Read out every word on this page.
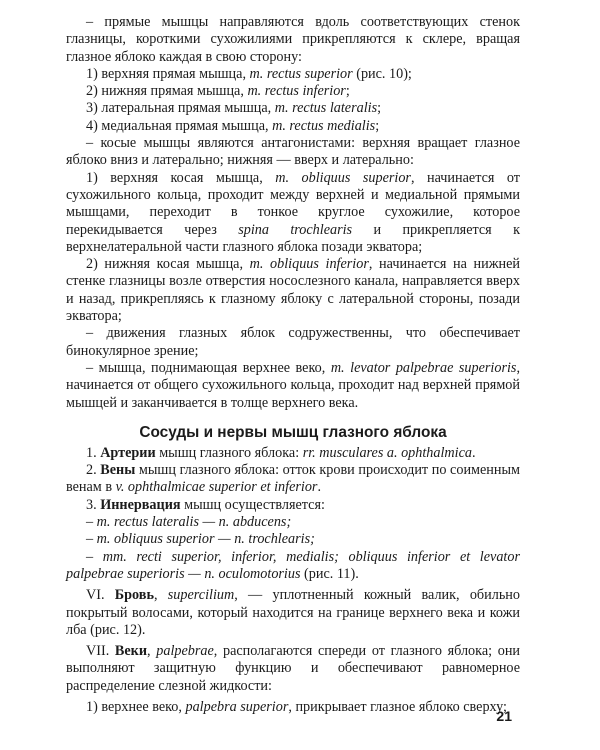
– прямые мышцы направляются вдоль соответствующих стенок глазницы, короткими сухожилиями прикрепляются к склере, вращая глазное яблоко каждая в свою сторону:

1) верхняя прямая мышца, m. rectus superior (рис. 10);

2) нижняя прямая мышца, m. rectus inferior;

3) латеральная прямая мышца, m. rectus lateralis;

4) медиальная прямая мышца, m. rectus medialis;

– косые мышцы являются антагонистами: верхняя вращает глазное яблоко вниз и латерально; нижняя — вверх и латерально:

1) верхняя косая мышца, m. obliquus superior, начинается от сухожильного кольца, проходит между верхней и медиальной прямыми мышцами, переходит в тонкое круглое сухожилие, которое перекидывается через spina trochlearis и прикрепляется к верхнелатеральной части глазного яблока позади экватора;

2) нижняя косая мышца, m. obliquus inferior, начинается на нижней стенке глазницы возле отверстия носослезного канала, направляется вверх и назад, прикрепляясь к глазному яблоку с латеральной стороны, позади экватора;

– движения глазных яблок содружественны, что обеспечивает бинокулярное зрение;

– мышца, поднимающая верхнее веко, m. levator palpebrae superioris, начинается от общего сухожильного кольца, проходит над верхней прямой мышцей и заканчивается в толще верхнего века.

Сосуды и нервы мышц глазного яблока

1. Артерии мышц глазного яблока: rr. musculares a. ophthalmica.

2. Вены мышц глазного яблока: отток крови происходит по соименным венам в v. ophthalmicae superior et inferior.

3. Иннервация мышц осуществляется:

– m. rectus lateralis — n. abducens;

– m. obliquus superior — n. trochlearis;

– mm. recti superior, inferior, medialis; obliquus inferior et levator palpebrae superioris — n. oculomotorius (рис. 11).

VI. Бровь, supercilium, — уплотненный кожный валик, обильно покрытый волосами, который находится на границе верхнего века и кожи лба (рис. 12).

VII. Веки, palpebrae, располагаются спереди от глазного яблока; они выполняют защитную функцию и обеспечивают равномерное распределение слезной жидкости:

1) верхнее веко, palpebra superior, прикрывает глазное яблоко сверху;

21
